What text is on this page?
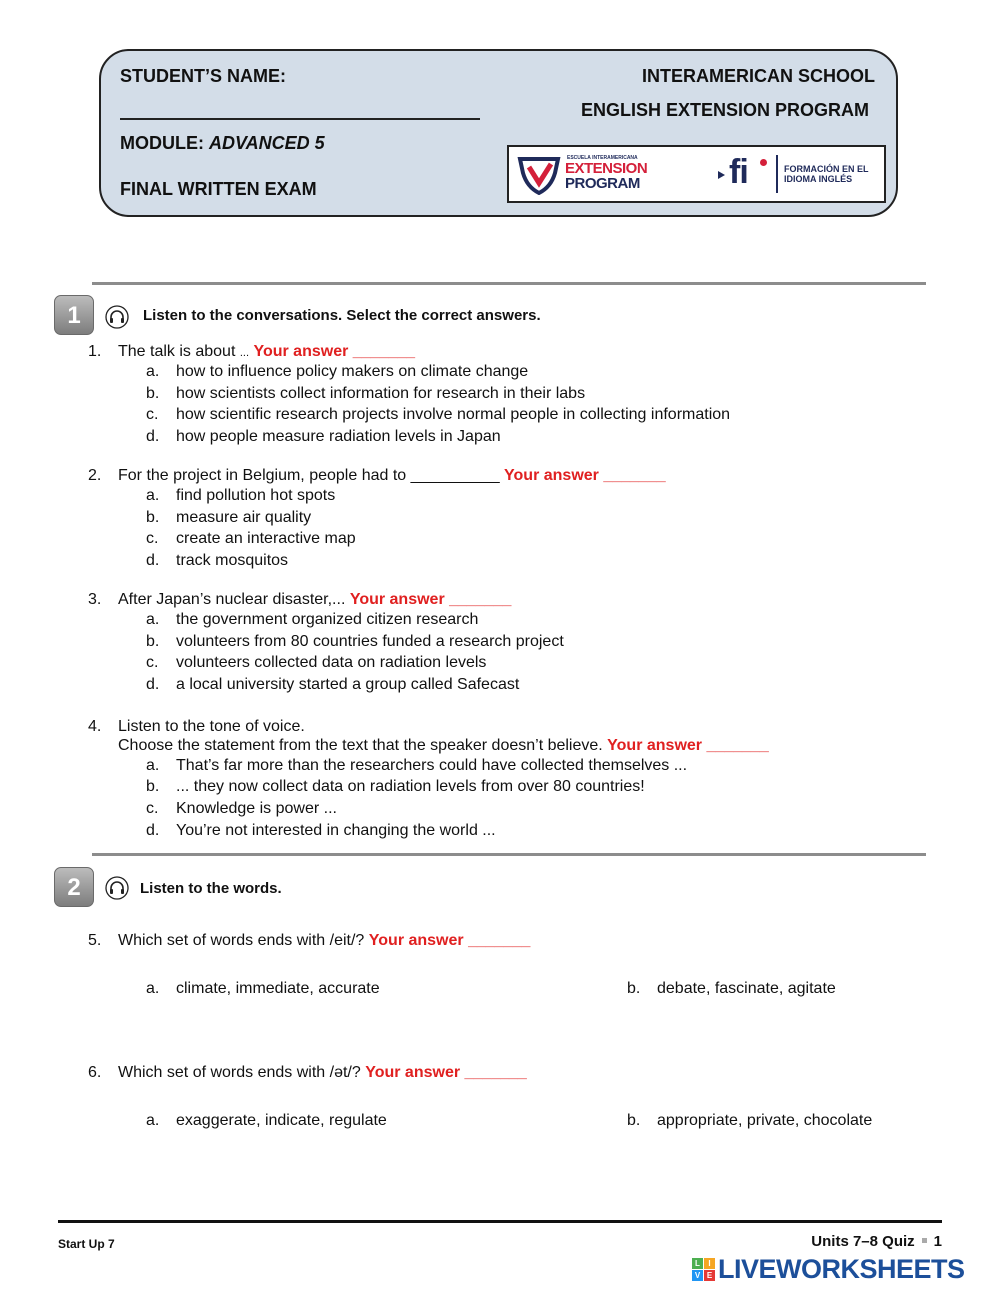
STUDENT’S NAME:
MODULE: ADVANCED 5
FINAL WRITTEN EXAM
INTERAMERICAN SCHOOL
ENGLISH EXTENSION PROGRAM
ESCUELA INTERAMERICANA
EXTENSION
PROGRAM	fi	FORMACIÓN EN EL
IDIOMA INGLÉS
1	Listen to the conversations. Select the correct answers.
1.	The talk is about ... Your answer _______
a.	how to influence policy makers on climate change
b.	how scientists collect information for research in their labs
c.	how scientific research projects involve normal people in collecting information
d.	how people measure radiation levels in Japan
2.	For the project in Belgium, people had to __________ Your answer _______
a.	find pollution hot spots
b.	measure air quality
c.	create an interactive map
d.	track mosquitos
3.	After Japan’s nuclear disaster,... Your answer _______
a.	the government organized citizen research
b.	volunteers from 80 countries funded a research project
c.	volunteers collected data on radiation levels
d.	a local university started a group called Safecast
4.	Listen to the tone of voice.
Choose the statement from the text that the speaker doesn’t believe. Your answer _______
a.	That’s far more than the researchers could have collected themselves ...
b.	... they now collect data on radiation levels from over 80 countries!
c.	Knowledge is power ...
d.	You’re not interested in changing the world ...
2	Listen to the words.
5.	Which set of words ends with /eit/? Your answer _______
a.	climate, immediate, accurate	b.	debate, fascinate, agitate
6.	Which set of words ends with /ət/? Your answer _______
a.	exaggerate, indicate, regulate	b.	appropriate, private, chocolate
Start Up 7	Units 7–8 Quiz 1
L	I
V E LIVEWORKSHEETS
